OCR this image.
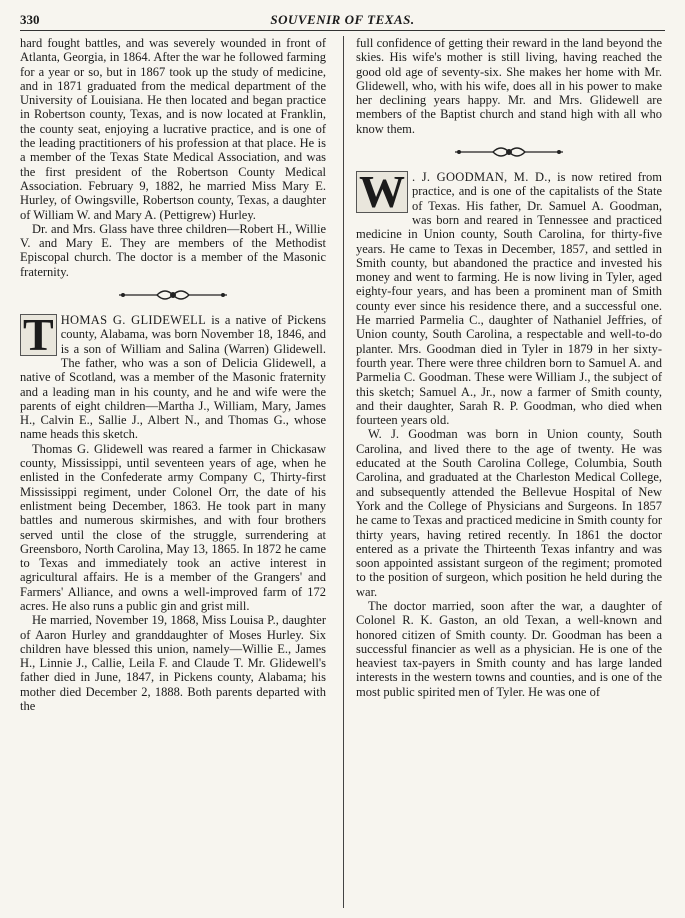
330	SOUVENIR OF TEXAS.

hard fought battles, and was severely wounded in front of Atlanta, Georgia, in 1864. After the war he followed farming for a year or so, but in 1867 took up the study of medicine, and in 1871 graduated from the medical department of the University of Louisiana. He then located and began practice in Robertson county, Texas, and is now located at Franklin, the county seat, enjoying a lucrative practice, and is one of the leading practitioners of his profession at that place. He is a member of the Texas State Medical Association, and was the first president of the Robertson County Medical Association. February 9, 1882, he married Miss Mary E. Hurley, of Owingsville, Robertson county, Texas, a daughter of William W. and Mary A. (Pettigrew) Hurley.

Dr. and Mrs. Glass have three children—Robert H., Willie V. and Mary E. They are members of the Methodist Episcopal church. The doctor is a member of the Masonic fraternity.

T HOMAS G. GLIDEWELL is a native of Pickens county, Alabama, was born November 18, 1846, and is a son of William and Salina (Warren) Glidewell. The father, who was a son of Delicia Glidewell, a native of Scotland, was a member of the Masonic fraternity and a leading man in his county, and he and wife were the parents of eight children—Martha J., William, Mary, James H., Calvin E., Sallie J., Albert N., and Thomas G., whose name heads this sketch.

Thomas G. Glidewell was reared a farmer in Chickasaw county, Mississippi, until seventeen years of age, when he enlisted in the Confederate army Company C, Thirty-first Mississippi regiment, under Colonel Orr, the date of his enlistment being December, 1863. He took part in many battles and numerous skirmishes, and with four brothers served until the close of the struggle, surrendering at Greensboro, North Carolina, May 13, 1865. In 1872 he came to Texas and immediately took an active interest in agricultural affairs. He is a member of the Grangers' and Farmers' Alliance, and owns a well-improved farm of 172 acres. He also runs a public gin and grist mill.

He married, November 19, 1868, Miss Louisa P., daughter of Aaron Hurley and granddaughter of Moses Hurley. Six children have blessed this union, namely—Willie E., James H., Linnie J., Callie, Leila F. and Claude T. Mr. Glidewell's father died in June, 1847, in Pickens county, Alabama; his mother died December 2, 1888. Both parents departed with the

full confidence of getting their reward in the land beyond the skies. His wife's mother is still living, having reached the good old age of seventy-six. She makes her home with Mr. Glidewell, who, with his wife, does all in his power to make her declining years happy. Mr. and Mrs. Glidewell are members of the Baptist church and stand high with all who know them.

W . J. GOODMAN, M. D., is now retired from practice, and is one of the capitalists of the State of Texas. His father, Dr. Samuel A. Goodman, was born and reared in Tennessee and practiced medicine in Union county, South Carolina, for thirty-five years. He came to Texas in December, 1857, and settled in Smith county, but abandoned the practice and invested his money and went to farming. He is now living in Tyler, aged eighty-four years, and has been a prominent man of Smith county ever since his residence there, and a successful one. He married Parmelia C., daughter of Nathaniel Jeffries, of Union county, South Carolina, a respectable and well-to-do planter. Mrs. Goodman died in Tyler in 1879 in her sixty-fourth year. There were three children born to Samuel A. and Parmelia C. Goodman. These were William J., the subject of this sketch; Samuel A., Jr., now a farmer of Smith county, and their daughter, Sarah R. P. Goodman, who died when fourteen years old.

W. J. Goodman was born in Union county, South Carolina, and lived there to the age of twenty. He was educated at the South Carolina College, Columbia, South Carolina, and graduated at the Charleston Medical College, and subsequently attended the Bellevue Hospital of New York and the College of Physicians and Surgeons. In 1857 he came to Texas and practiced medicine in Smith county for thirty years, having retired recently. In 1861 the doctor entered as a private the Thirteenth Texas infantry and was soon appointed assistant surgeon of the regiment; promoted to the position of surgeon, which position he held during the war.

The doctor married, soon after the war, a daughter of Colonel R. K. Gaston, an old Texan, a well-known and honored citizen of Smith county. Dr. Goodman has been a successful financier as well as a physician. He is one of the heaviest tax-payers in Smith county and has large landed interests in the western towns and counties, and is one of the most public spirited men of Tyler. He was one of
